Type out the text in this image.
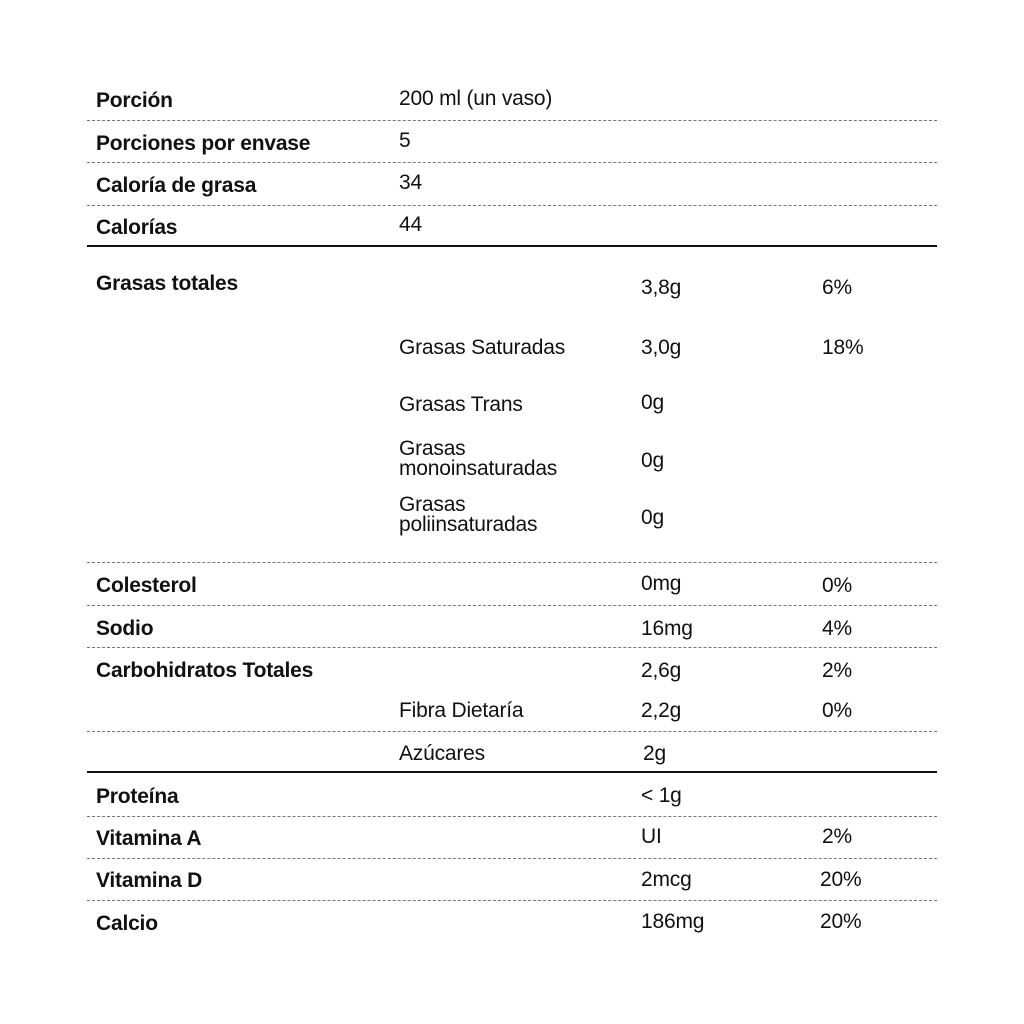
Porción	200 ml (un vaso)
Porciones por envase	5
Caloría de grasa	34
Calorías	44
Grasas totales	3,8g	6%
Grasas Saturadas	3,0g	18%
Grasas Trans	0g
Grasas
monoinsaturadas	0g
Grasas
poliinsaturadas	0g
Colesterol	0mg	0%
Sodio	16mg	4%
Carbohidratos Totales	2,6g	2%
Fibra Dietaría	2,2g	0%
Azúcares	2g
Proteína	< 1g
Vitamina A	UI	2%
Vitamina D	2mcg	20%
Calcio	186mg	20%
